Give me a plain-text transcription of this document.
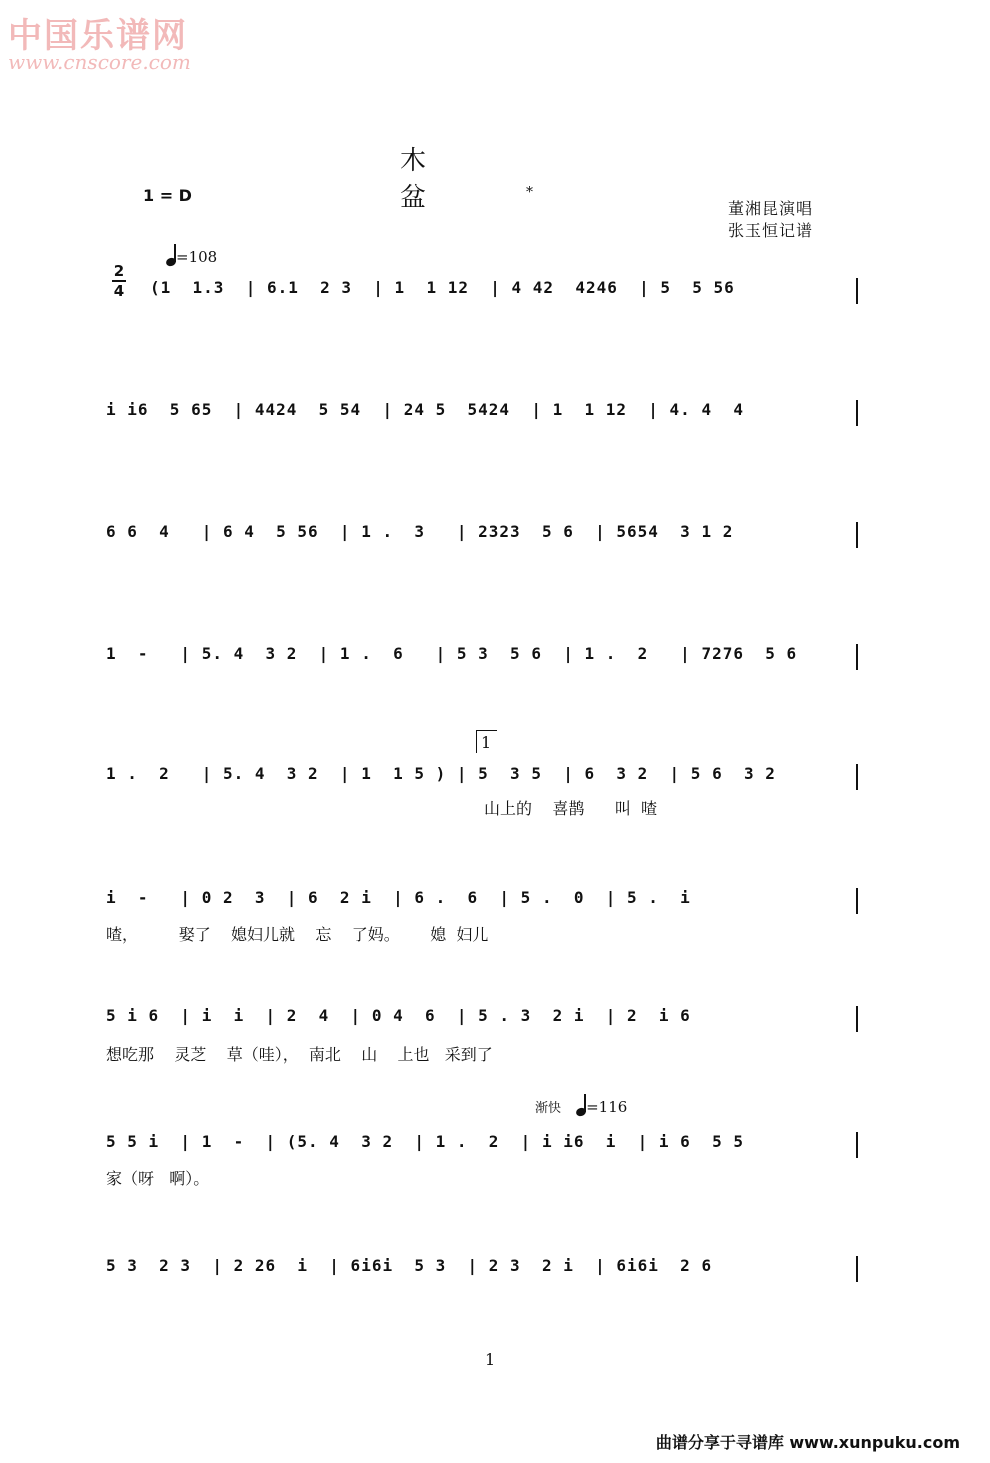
中国乐谱网
www.cnscore.com
木 盆*
1 = D
董湘昆演唱
张玉恒记谱
=108
2
4 (1  1.3  | 6.1  2 3  | 1  1 12  | 4 42  4246  | 5  5 56
i i6  5 65  | 4424  5 54  | 24 5  5424  | 1  1 12  | 4. 4  4
6 6  4   | 6 4  5 56  | 1 .  3   | 2323  5 6  | 5654  3 1 2
1  -   | 5. 4  3 2  | 1 .  6   | 5 3  5 6  | 1 .  2   | 7276  5 6
1
1 .  2   | 5. 4  3 2  | 1  1 5 ) | 5  3 5  | 6  3 2  | 5 6  3 2
山上的    喜鹊      叫  喳
i  -   | 0 2  3  | 6  2 i  | 6 .  6  | 5 .  0  | 5 .  i
喳，        娶了    媳妇儿就    忘    了妈。      媳  妇儿
5 i 6  | i  i  | 2  4  | 0 4  6  | 5 . 3  2 i  | 2  i 6
想吃那    灵芝    草（哇），  南北    山    上也   采到了
渐快 =116
5 5 i  | 1  -  | (5. 4  3 2  | 1 .  2  | i i6  i  | i 6  5 5
家（呀   啊）。
5 3  2 3  | 2 26  i  | 6i6i  5 3  | 2 3  2 i  | 6i6i  2 6
1
曲谱分享于寻谱库 www.xunpuku.com
